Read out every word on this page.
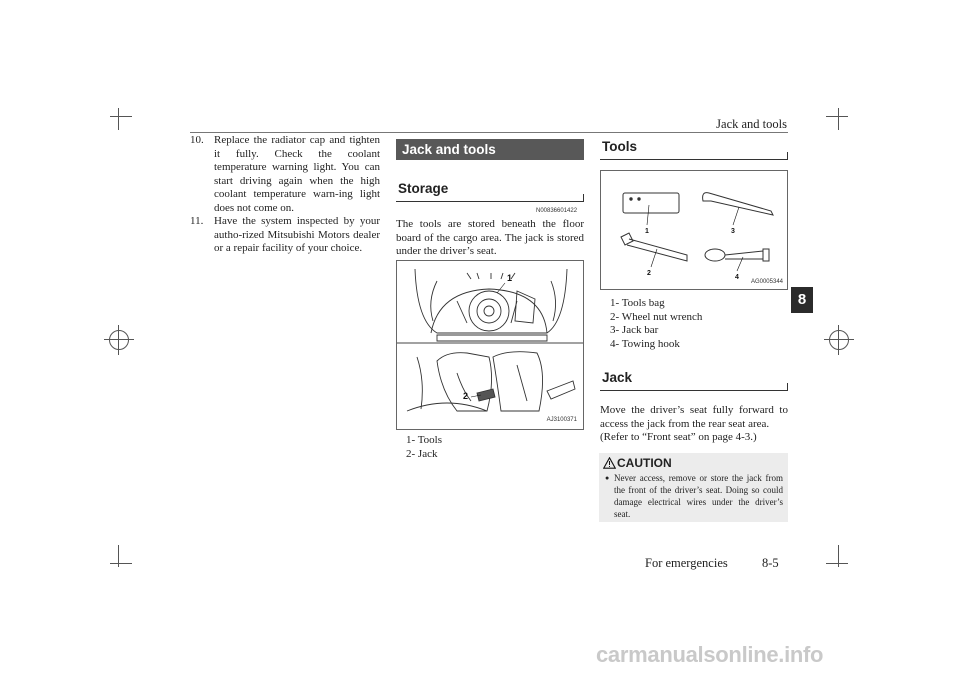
Jack and tools

10. Replace the radiator cap and tighten it fully. Check the coolant temperature warning light. You can start driving again when the high coolant temperature warn-ing light does not come on.

11. Have the system inspected by your autho-rized Mitsubishi Motors dealer or a repair facility of your choice.

Jack and tools
Storage
N00836601422
The tools are stored beneath the floor board of the cargo area. The jack is stored under the driver’s seat.
1
2
AJ3100371
1- Tools
2- Jack
Tools
1
2
3
4
AG0005344
1- Tools bag
2- Wheel nut wrench
3- Jack bar
4- Towing hook
Jack
Move the driver’s seat fully forward to access the jack from the rear seat area.
(Refer to “Front seat” on page 4-3.)
CAUTION
● Never access, remove or store the jack from the front of the driver’s seat. Doing so could damage electrical wires under the driver’s seat.
8
For emergencies	8-5
carmanualsonline.info
